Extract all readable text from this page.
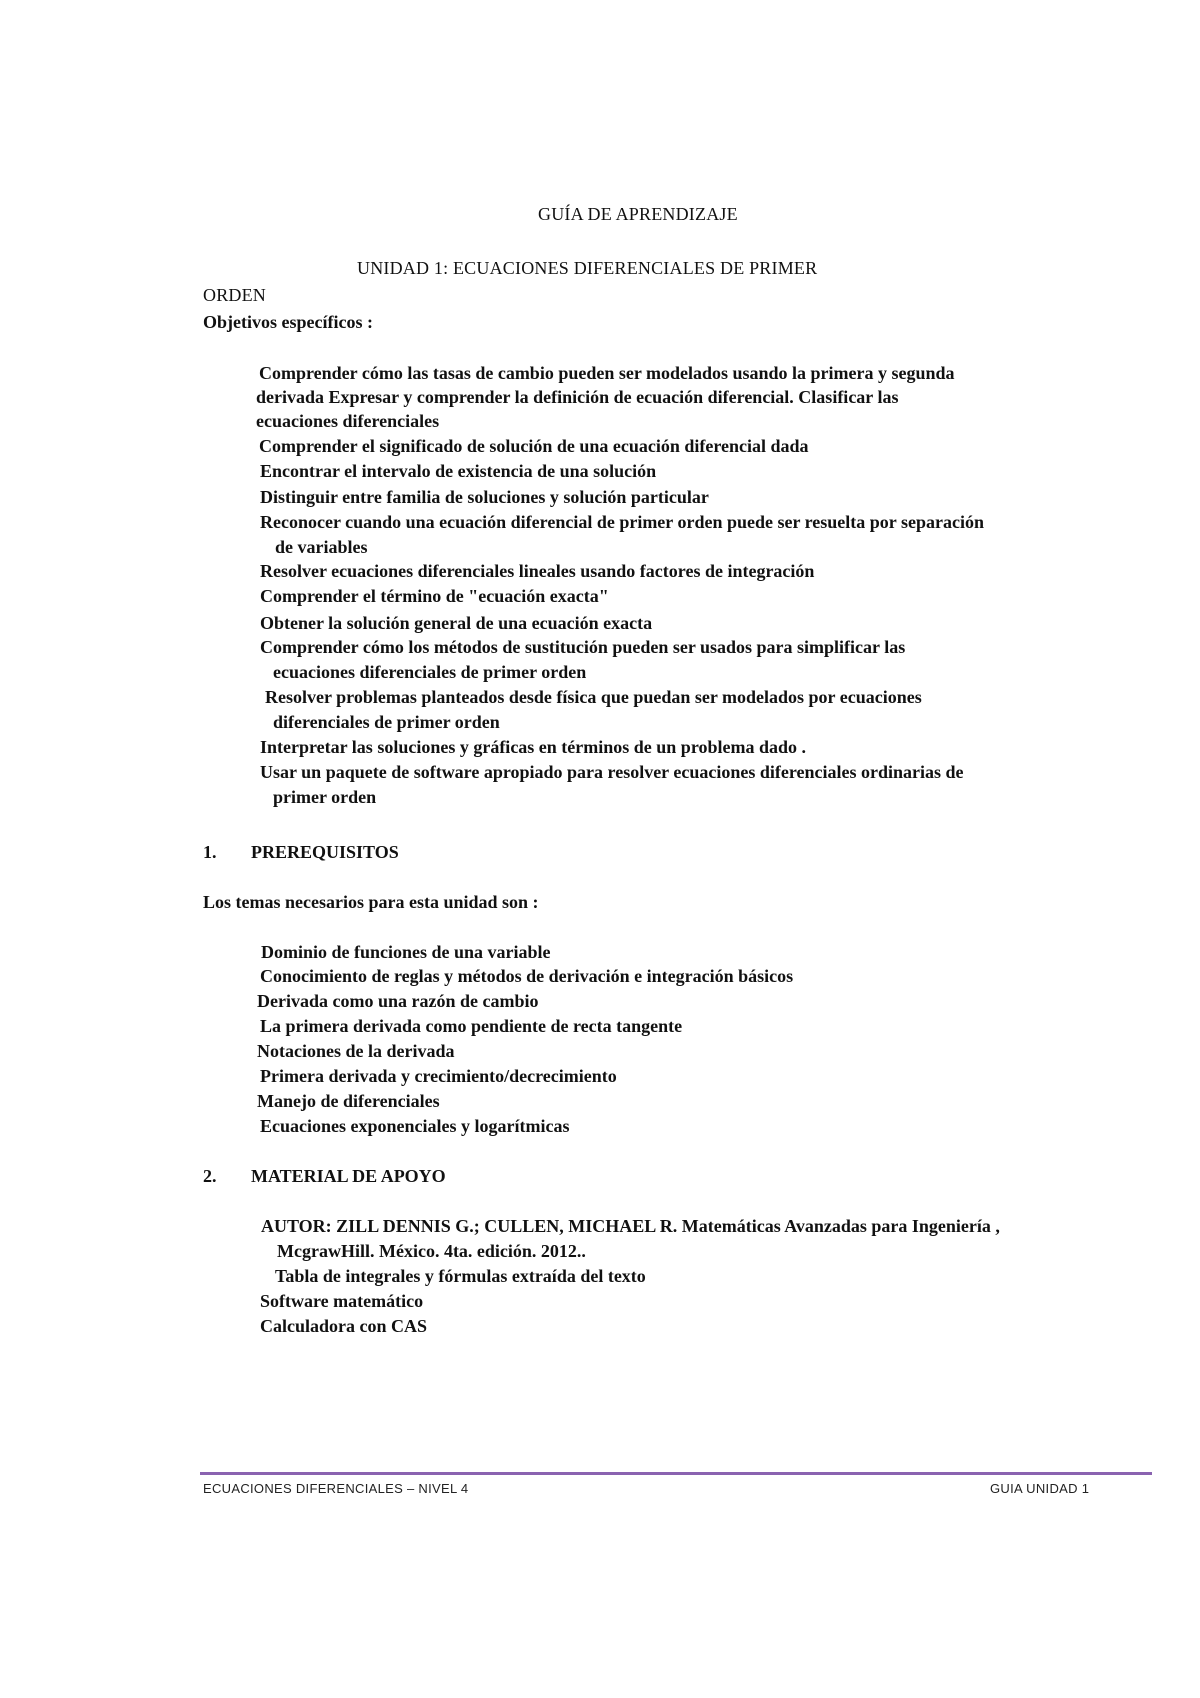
GUÍA DE APRENDIZAJE
UNIDAD 1: ECUACIONES DIFERENCIALES DE PRIMER
ORDEN
Objetivos específicos :
Comprender cómo las tasas de cambio pueden ser modelados usando la primera y segunda
derivada Expresar y comprender la definición de ecuación diferencial. Clasificar las
ecuaciones diferenciales
Comprender el significado de solución de una ecuación diferencial dada
Encontrar el intervalo de existencia de una solución
Distinguir entre familia de soluciones y solución particular
Reconocer cuando una ecuación diferencial de primer orden puede ser resuelta por separación
de variables
Resolver ecuaciones diferenciales lineales usando factores de integración
Comprender el término de "ecuación exacta"
Obtener la solución general de una ecuación exacta
Comprender cómo los métodos de sustitución pueden ser usados para simplificar las
ecuaciones diferenciales de primer orden
Resolver problemas planteados desde física que puedan ser modelados por ecuaciones
diferenciales de primer orden
Interpretar las soluciones y gráficas en términos de un problema dado .
Usar un paquete de software apropiado para resolver ecuaciones diferenciales ordinarias de
primer orden
1. PREREQUISITOS
Los temas necesarios para esta unidad son :
Dominio de funciones de una variable
Conocimiento de reglas y métodos de derivación e integración básicos
Derivada como una razón de cambio
La primera derivada como pendiente de recta tangente
Notaciones de la derivada
Primera derivada y crecimiento/decrecimiento
Manejo de diferenciales
Ecuaciones exponenciales y logarítmicas
2. MATERIAL DE APOYO
AUTOR: ZILL DENNIS G.; CULLEN, MICHAEL R. Matemáticas Avanzadas para Ingeniería ,
McgrawHill. México. 4ta. edición. 2012..
Tabla de integrales y fórmulas extraída del texto
Software matemático
Calculadora con CAS
ECUACIONES DIFERENCIALES – NIVEL 4	GUIA UNIDAD 1
